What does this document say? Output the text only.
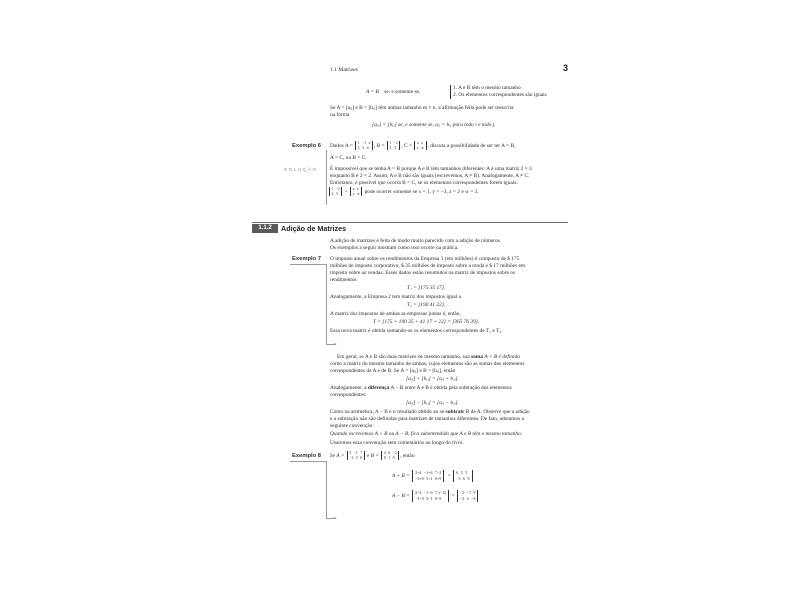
1.1 Matrizes	3
A = B se, e somente se,
1. A e B têm o mesmo tamanho
2. Os elementos correspondentes são iguais
Se A = [aᵢⱼ] e B = [bᵢⱼ] têm ambas tamanho m × n, a afirmação feita pode ser reescrita
na forma
[aᵢⱼ] = [bᵢⱼ] se, e somente se, aᵢⱼ = bᵢⱼ para todo i e todo j.
Exemplo 6 Dados A = 1 −1 x
2 3 w , B = 1 −1
2 3	, C = x z
y w , discuta a possibilidade de ser ter A = B,
A = C, ou B = C.
SOLUÇÃO É impossível que se tenha A = B porque A e B têm tamanhos diferentes: A é uma matriz 2 × 3
enquanto B é 2 × 2. Assim, A e B não são iguais (escrevemos, A ≠ B). Analogamente, A ≠ C.
Entretanto, é possível que ocorra B = C, se os elementos correspondentes forem iguais:
1 −1
2 3	= x z
y w pode ocorrer somente se x = 1, y = −3, z = 2 e w = 3.
1.1.2	Adição de Matrizes
A adição de matrizes é feita de modo muito parecido com a adição de números.
Os exemplos a seguir mostram como isso ocorre na prática.
Exemplo 7 O imposto anual sobre os rendimentos da Empresa 1 (em milhões) é composto de $ 175
milhões de imposto corporativo, $ 35 milhões de imposto sobre a renda e $ 17 milhões em
imposto sobre as vendas. Esses dados estão resumidos na matriz de impostos sobre os
rendimentos
T₁ = [175 35 17].
Analogamente, a Empresa 2 tem matriz dos impostos igual a
T₂ = [190 41 22].
A matriz dos impostos de ambas as empresas juntas é, então,
T = [175 + 190 35 + 41 17 + 22] = [365 76 39].
Essa nova matriz é obtida somando-se os elementos correspondentes de T₁ e T₂.
Em geral, se A e B são duas matrizes de mesmo tamanho, sua soma A + B é definida
como a matriz do mesmo tamanho de ambas, cujos elementos são as somas dos elementos
correspondentes de A e de B. Se A = [aᵢⱼ] e B = [bᵢⱼ], então
[aᵢⱼ] + [bᵢⱼ] = [aᵢⱼ + bᵢⱼ].
Analogamente, a diferença A − B entre A e B é obtida pela subtração dos elementos
correspondentes:
[aᵢⱼ] − [bᵢⱼ] = [aᵢⱼ − bᵢⱼ].
Como na aritmética, A − B é o resultado obtido ao se subtrair B de A. Observe que a adição
e a subtração não são definidas para matrizes de tamanhos diferentes. De fato, adotamos a
seguinte convenção:
Quando escrevemos A + B ou A − B, fica subentendido que A e B têm o mesmo tamanho.
Usaremos essa convenção sem comentários ao longo do livro.
Exemplo 8 Se A = 2 −1 7
−3 5 0 e B = 4 6 −2
0 1 9	, então
A + B =
2+4 −1+6 7−2
−3+0 5+1 0+9 =
6 5 5
−3 6 9
A − B =
2−4 −1−6 7−(−2)
−3−0 5−1 0−9	=
−2 −7 9
−3 4 −9
